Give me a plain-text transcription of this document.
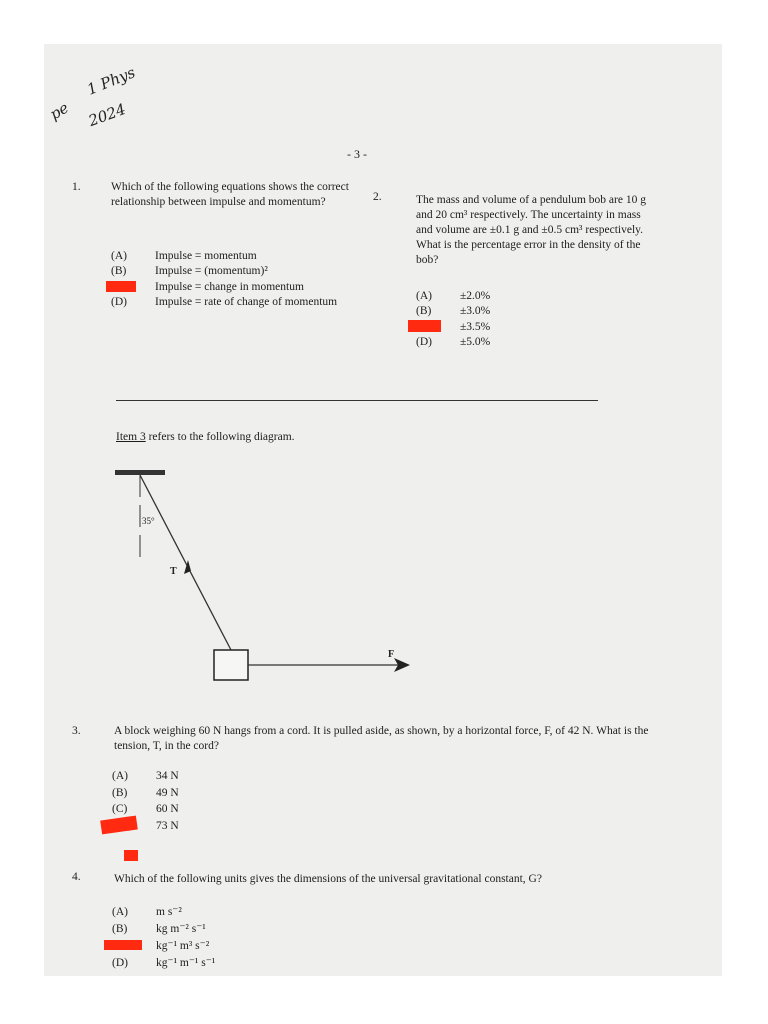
pe
1 Phys
2024
- 3 -
1.	Which of the following equations shows the correct relationship between impulse and momentum?
(A) Impulse = momentum
(B) Impulse = (momentum)²
Impulse = change in momentum
(D) Impulse = rate of change of momentum
2.	The mass and volume of a pendulum bob are 10 g and 20 cm³ respectively. The uncertainty in mass and volume are ±0.1 g and ±0.5 cm³ respectively. What is the percentage error in the density of the bob?
(A) ±2.0%
(B) ±3.0%
±3.5%
(D) ±5.0%
Item 3 refers to the following diagram.
35°
T
F
3.	A block weighing 60 N hangs from a cord. It is pulled aside, as shown, by a horizontal force, F, of 42 N. What is the tension, T, in the cord?
(A) 34 N
(B) 49 N
(C) 60 N
73 N
4.	Which of the following units gives the dimensions of the universal gravitational constant, G?
(A) m s⁻²
(B) kg m⁻² s⁻¹
kg⁻¹ m³ s⁻²
(D) kg⁻¹ m⁻¹ s⁻¹
